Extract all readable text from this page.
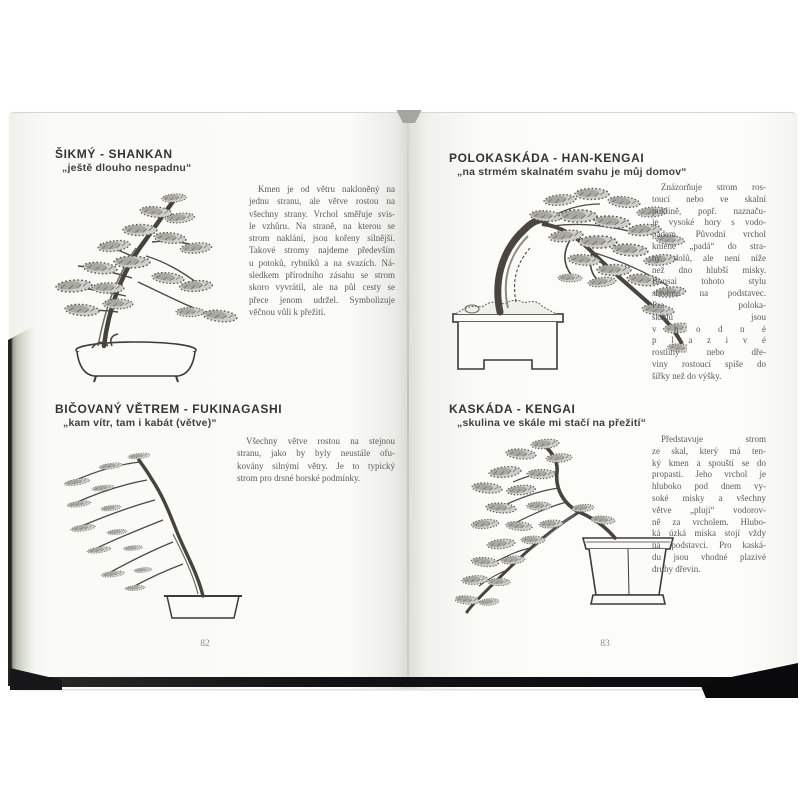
ŠIKMÝ - SHANKAN
„ještě dlouho nespadnu“
Kmen je od větru nakloněný na
jednu stranu, ale větve rostou na
všechny strany. Vrchol směřuje svis-
le vzhůru. Na straně, na kterou se
strom naklání, jsou kořeny silnější.
Takové stromy najdeme především
u potoků, rybníků a na svazích. Ná-
sledkem přírodního zásahu se strom
skoro vyvrátil, ale na půl cesty se
přece jenom udržel. Symbolizuje
věčnou vůli k přežití.
BIČOVANÝ VĚTREM - FUKINAGASHI
„kam vítr, tam i kabát (větve)“
Všechny větve rostou na stejnou
stranu, jako by byly neustále ofu-
kovány silnými větry. Je to typický
strom pro drsné horské podmínky.
82
POLOKASKÁDA - HAN-KENGAI
„na strmém skalnatém svahu je můj domov“
Znázorňuje strom ros-
toucí nebo ve skalní
puklině, popř. naznaču-
je vysoké hory s vodo-
pádem. Původní vrchol
kmene „padá“ do stra-
ny, dolů, ale není níže
než dno hlubší misky.
Bonsai tohoto stylu
stavíme na podstavec.
Pro poloka-
skádu jsou
v h o d n é
p l a z i v é
rostliny nebo dře-
viny rostoucí spíše do
šířky než do výšky.
KASKÁDA - KENGAI
„skulina ve skále mi stačí na přežití“
Představuje strom
ze skal, který má ten-
ký kmen a spouští se do
propasti. Jeho vrchol je
hluboko pod dnem vy-
soké misky a všechny
větve „plují“ vodorov-
ně za vrcholem. Hlubo-
ká úzká miska stojí vždy
na podstavci. Pro kaská-
du jsou vhodné plazivé
druhy dřevin.
83
